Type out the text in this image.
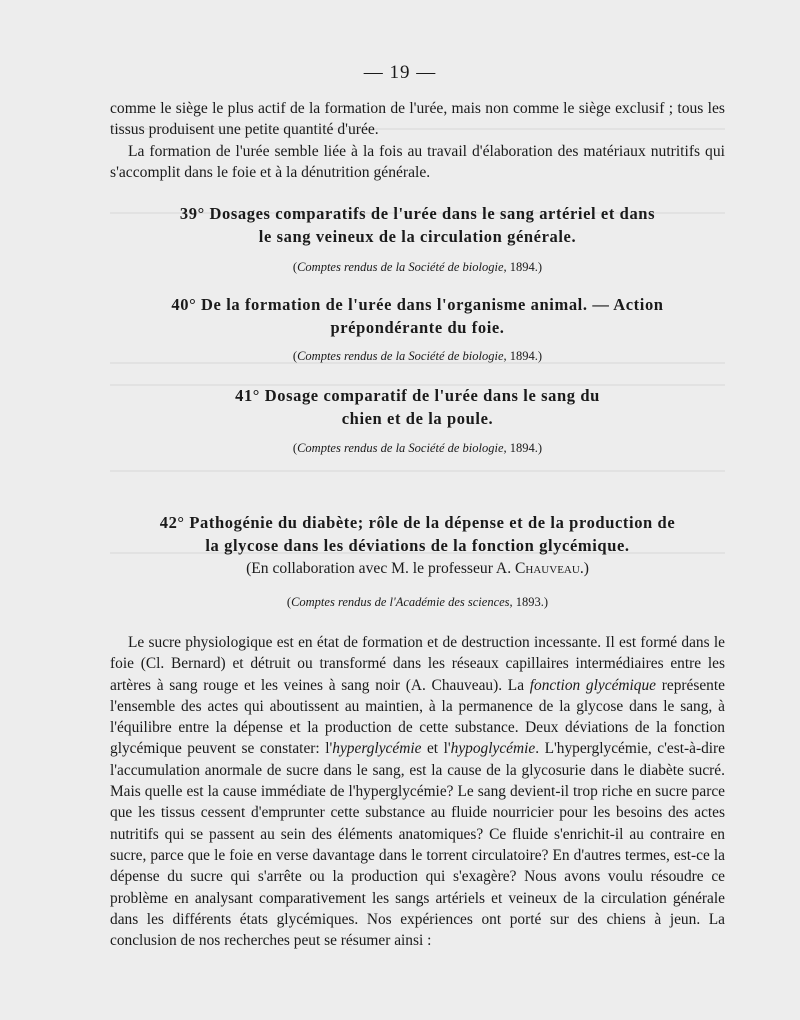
— 19 —

comme le siège le plus actif de la formation de l'urée, mais non comme le siège exclusif ; tous les tissus produisent une petite quantité d'urée.

La formation de l'urée semble liée à la fois au travail d'élaboration des matériaux nutritifs qui s'accomplit dans le foie et à la dénutrition générale.

39° Dosages comparatifs de l'urée dans le sang artériel et dans
le sang veineux de la circulation générale.
(Comptes rendus de la Société de biologie, 1894.)
40° De la formation de l'urée dans l'organisme animal. — Action
prépondérante du foie.
(Comptes rendus de la Société de biologie, 1894.)
41° Dosage comparatif de l'urée dans le sang du
chien et de la poule.
(Comptes rendus de la Société de biologie, 1894.)
42° Pathogénie du diabète; rôle de la dépense et de la production de
la glycose dans les déviations de la fonction glycémique.
(En collaboration avec M. le professeur A. Chauveau.)
(Comptes rendus de l'Académie des sciences, 1893.)

Le sucre physiologique est en état de formation et de destruction incessante. Il est formé dans le foie (Cl. Bernard) et détruit ou transformé dans les réseaux capillaires intermédiaires entre les artères à sang rouge et les veines à sang noir (A. Chauveau). La fonction glycémique représente l'ensemble des actes qui aboutissent au maintien, à la permanence de la glycose dans le sang, à l'équilibre entre la dépense et la production de cette substance. Deux déviations de la fonction glycémique peuvent se constater: l'hyperglycémie et l'hypoglycémie. L'hyperglycémie, c'est-à-dire l'accumulation anormale de sucre dans le sang, est la cause de la glycosurie dans le diabète sucré. Mais quelle est la cause immédiate de l'hyperglycémie? Le sang devient-il trop riche en sucre parce que les tissus cessent d'emprunter cette substance au fluide nourricier pour les besoins des actes nutritifs qui se passent au sein des éléments anatomiques? Ce fluide s'enrichit-il au contraire en sucre, parce que le foie en verse davantage dans le torrent circulatoire? En d'autres termes, est-ce la dépense du sucre qui s'arrête ou la production qui s'exagère? Nous avons voulu résoudre ce problème en analysant comparativement les sangs artériels et veineux de la circulation générale dans les différents états glycémiques. Nos expériences ont porté sur des chiens à jeun. La conclusion de nos recherches peut se résumer ainsi :
